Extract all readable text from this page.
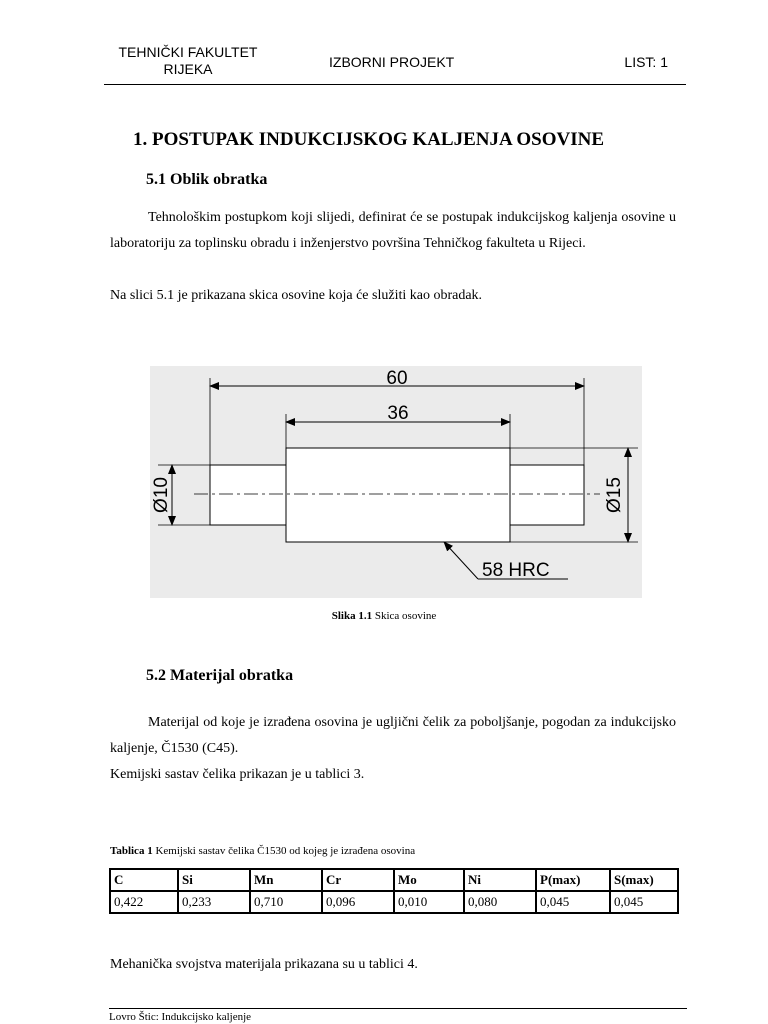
TEHNIČKI FAKULTET
RIJEKA	IZBORNI PROJEKT	LIST: 1
1. POSTUPAK INDUKCIJSKOG KALJENJA OSOVINE
5.1 Oblik obratka
Tehnološkim postupkom koji slijedi, definirat će se postupak indukcijskog kaljenja osovine u laboratoriju za toplinsku obradu i inženjerstvo površina Tehničkog fakulteta u Rijeci.
Na slici 5.1 je prikazana skica osovine koja će služiti kao obradak.
60
36
Ø10	Ø15
58 HRC
Slika 1.1 Skica osovine
5.2 Materijal obratka
Materijal od koje je izrađena osovina je ugljični čelik za poboljšanje, pogodan za indukcijsko kaljenje, Č1530 (C45).
Kemijski sastav čelika prikazan je u tablici 3.
Tablica 1 Kemijski sastav čelika Č1530 od kojeg je izrađena osovina
C	Si	Mn	Cr	Mo	Ni	P(max)	S(max)
0,422	0,233	0,710	0,096	0,010	0,080	0,045	0,045
Mehanička svojstva materijala prikazana su u tablici 4.
Lovro Štic: Indukcijsko kaljenje
